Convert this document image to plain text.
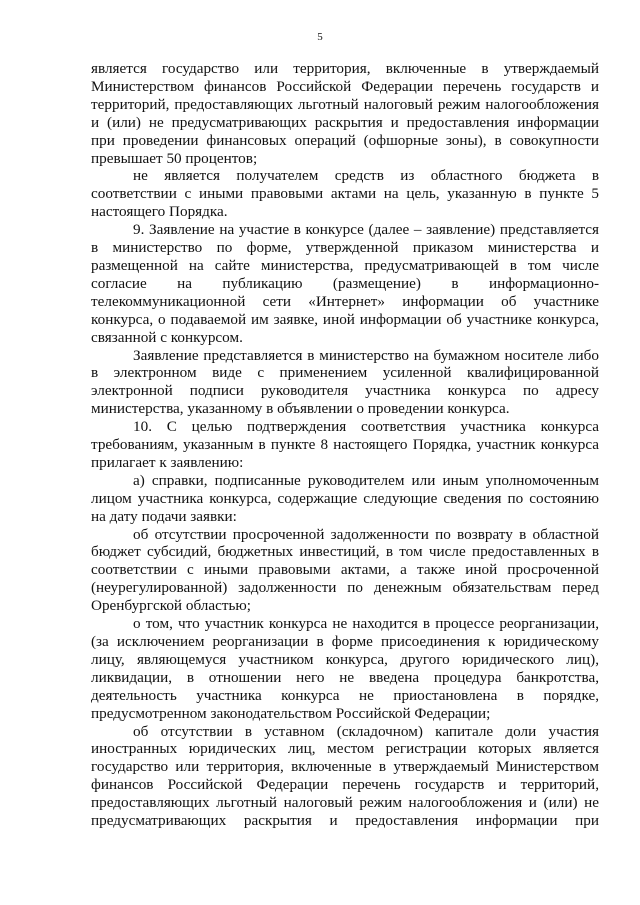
5
является государство или территория, включенные в утверждаемый
Министерством финансов Российской Федерации перечень государств и
территорий, предоставляющих льготный налоговый режим налогообложения
и (или) не предусматривающих раскрытия и предоставления информации
при проведении финансовых операций (офшорные зоны), в совокупности
превышает 50 процентов;
не является получателем средств из областного бюджета в
соответствии с иными правовыми актами на цель, указанную в пункте 5
настоящего Порядка.
9. Заявление на участие в конкурсе (далее – заявление) представляется
в министерство по форме, утвержденной приказом министерства и
размещенной на сайте министерства, предусматривающей в том числе
согласие на публикацию (размещение) в информационно-
телекоммуникационной сети «Интернет» информации об участнике
конкурса, о подаваемой им заявке, иной информации об участнике конкурса,
связанной с конкурсом.
Заявление представляется в министерство на бумажном носителе либо
в электронном виде с применением усиленной квалифицированной
электронной подписи руководителя участника конкурса по адресу
министерства, указанному в объявлении о проведении конкурса.
10. С целью подтверждения соответствия участника конкурса
требованиям, указанным в пункте 8 настоящего Порядка, участник конкурса
прилагает к заявлению:
а) справки, подписанные руководителем или иным уполномоченным
лицом участника конкурса, содержащие следующие сведения по состоянию
на дату подачи заявки:
об отсутствии просроченной задолженности по возврату в областной
бюджет субсидий, бюджетных инвестиций, в том числе предоставленных в
соответствии с иными правовыми актами, а также иной просроченной
(неурегулированной) задолженности по денежным обязательствам перед
Оренбургской областью;
о том, что участник конкурса не находится в процессе реорганизации,
(за исключением реорганизации в форме присоединения к юридическому
лицу, являющемуся участником конкурса, другого юридического лиц),
ликвидации, в отношении него не введена процедура банкротства,
деятельность участника конкурса не приостановлена в порядке,
предусмотренном законодательством Российской Федерации;
об отсутствии в уставном (складочном) капитале доли участия
иностранных юридических лиц, местом регистрации которых является
государство или территория, включенные в утверждаемый Министерством
финансов Российской Федерации перечень государств и территорий,
предоставляющих льготный налоговый режим налогообложения и (или) не
предусматривающих раскрытия и предоставления информации при
